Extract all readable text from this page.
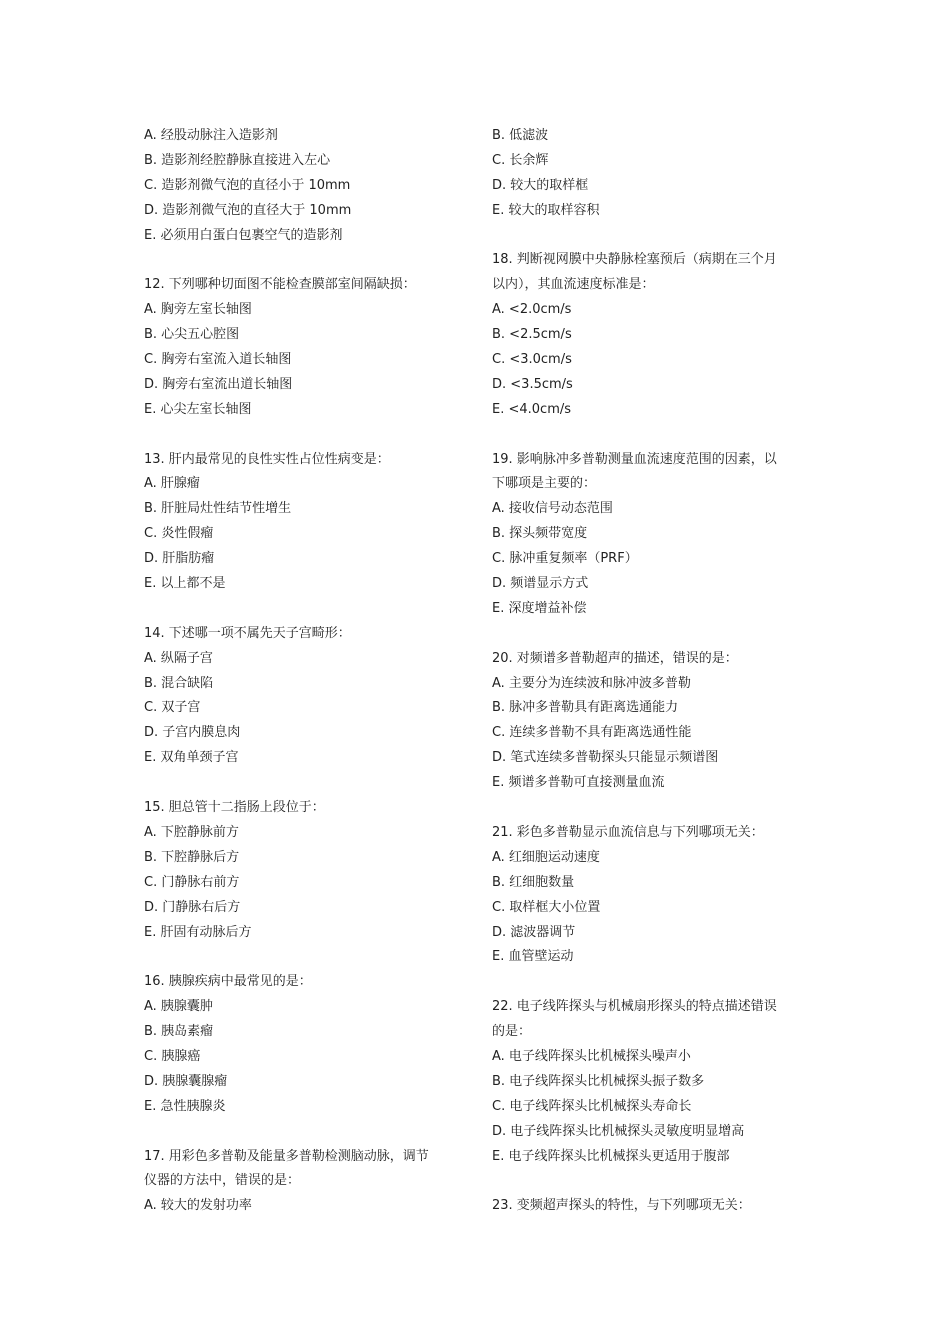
A. 经股动脉注入造影剂
B. 造影剂经腔静脉直接进入左心
C. 造影剂微气泡的直径小于 10mm
D. 造影剂微气泡的直径大于 10mm
E. 必须用白蛋白包裹空气的造影剂
12. 下列哪种切面图不能检查膜部室间隔缺损：
A. 胸旁左室长轴图
B. 心尖五心腔图
C. 胸旁右室流入道长轴图
D. 胸旁右室流出道长轴图
E. 心尖左室长轴图
13. 肝内最常见的良性实性占位性病变是：
A. 肝腺瘤
B. 肝脏局灶性结节性增生
C. 炎性假瘤
D. 肝脂肪瘤
E. 以上都不是
14. 下述哪一项不属先天子宫畸形：
A. 纵隔子宫
B. 混合缺陷
C. 双子宫
D. 子宫内膜息肉
E. 双角单颈子宫
15. 胆总管十二指肠上段位于：
A. 下腔静脉前方
B. 下腔静脉后方
C. 门静脉右前方
D. 门静脉右后方
E. 肝固有动脉后方
16. 胰腺疾病中最常见的是：
A. 胰腺囊肿
B. 胰岛素瘤
C. 胰腺癌
D. 胰腺囊腺瘤
E. 急性胰腺炎
17. 用彩色多普勒及能量多普勒检测脑动脉，调节
仪器的方法中，错误的是：
A. 较大的发射功率
B. 低滤波
C. 长余辉
D. 较大的取样框
E. 较大的取样容积
18. 判断视网膜中央静脉栓塞预后（病期在三个月
以内），其血流速度标准是：
A. <2.0cm/s
B. <2.5cm/s
C. <3.0cm/s
D. <3.5cm/s
E. <4.0cm/s
19. 影响脉冲多普勒测量血流速度范围的因素，以
下哪项是主要的：
A. 接收信号动态范围
B. 探头频带宽度
C. 脉冲重复频率（PRF）
D. 频谱显示方式
E. 深度增益补偿
20. 对频谱多普勒超声的描述，错误的是：
A. 主要分为连续波和脉冲波多普勒
B. 脉冲多普勒具有距离选通能力
C. 连续多普勒不具有距离选通性能
D. 笔式连续多普勒探头只能显示频谱图
E. 频谱多普勒可直接测量血流
21. 彩色多普勒显示血流信息与下列哪项无关：
A. 红细胞运动速度
B. 红细胞数量
C. 取样框大小位置
D. 滤波器调节
E. 血管壁运动
22. 电子线阵探头与机械扇形探头的特点描述错误
的是：
A. 电子线阵探头比机械探头噪声小
B. 电子线阵探头比机械探头振子数多
C. 电子线阵探头比机械探头寿命长
D. 电子线阵探头比机械探头灵敏度明显增高
E. 电子线阵探头比机械探头更适用于腹部
23. 变频超声探头的特性，与下列哪项无关：
